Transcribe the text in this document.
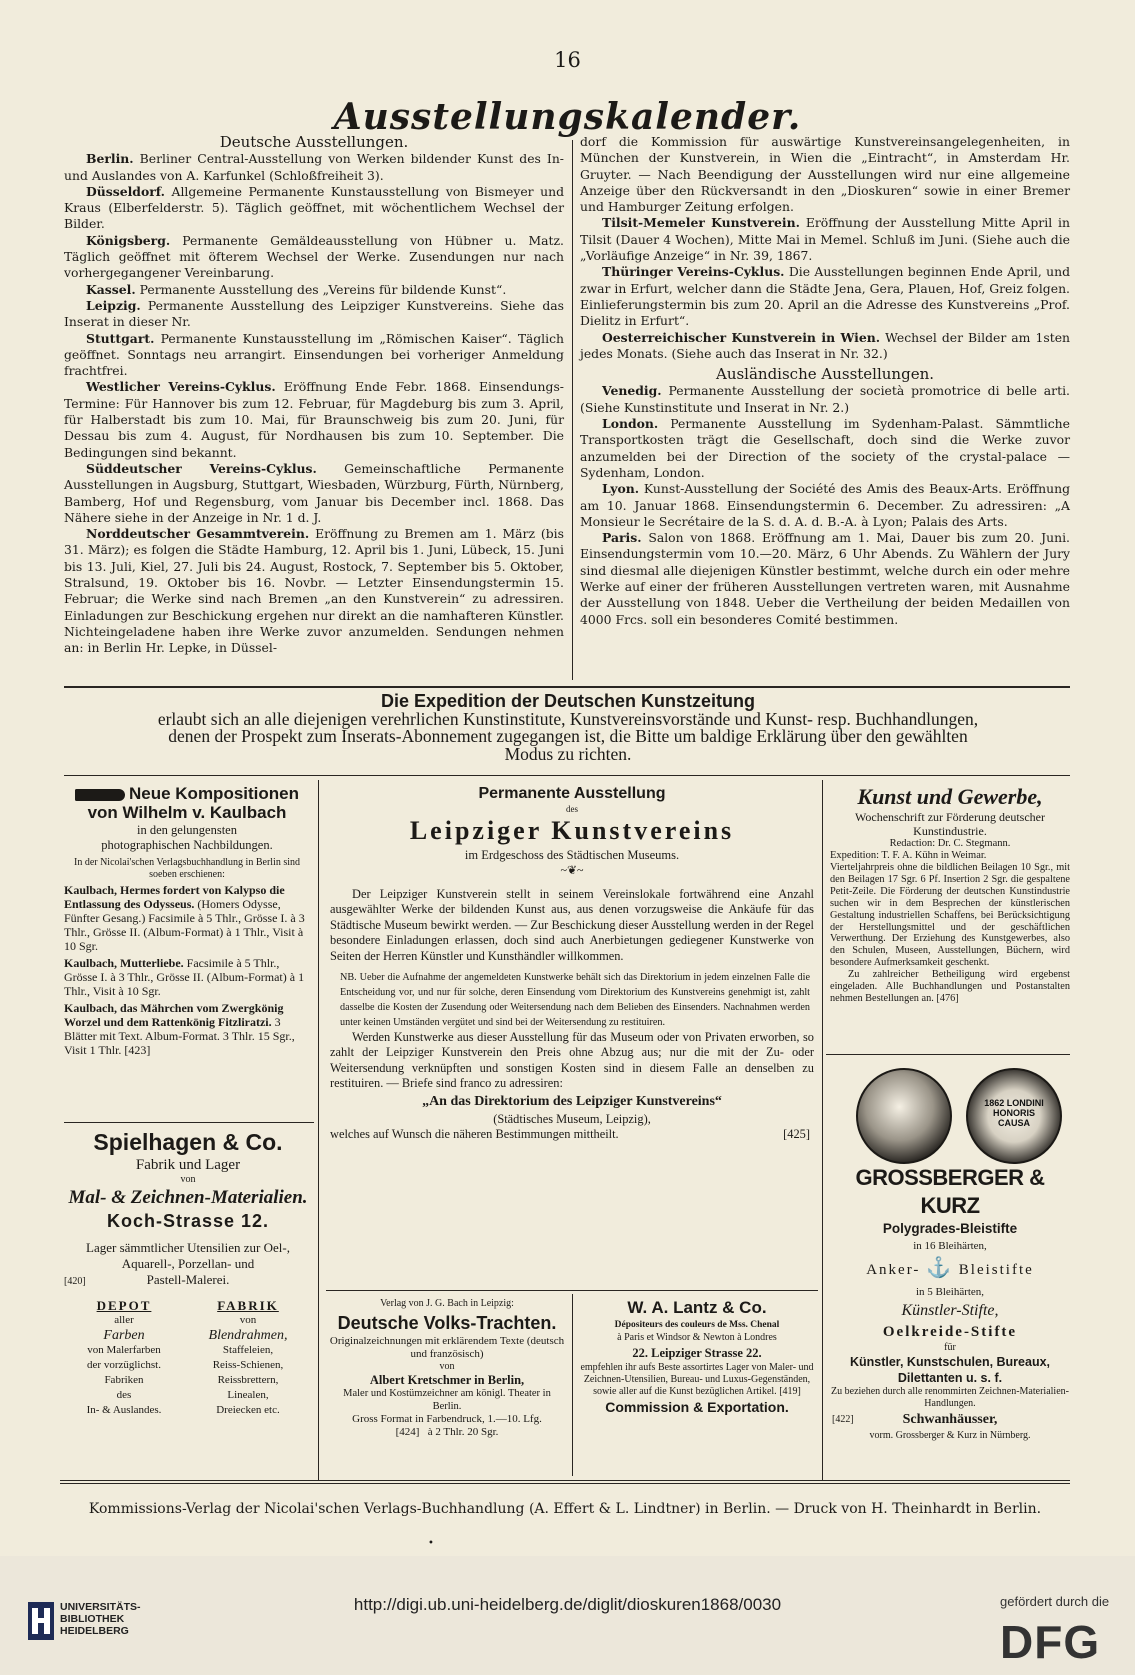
16
Ausstellungskalender.
Deutsche Ausstellungen.

Berlin. Berliner Central-Ausstellung von Werken bildender Kunst des In- und Auslandes von A. Karfunkel (Schloßfreiheit 3).

Düsseldorf. Allgemeine Permanente Kunstausstellung von Bismeyer und Kraus (Elberfelderstr. 5). Täglich geöffnet, mit wöchentlichem Wechsel der Bilder.

Königsberg. Permanente Gemäldeausstellung von Hübner u. Matz. Täglich geöffnet mit öfterem Wechsel der Werke. Zusendungen nur nach vorhergegangener Vereinbarung.

Kassel. Permanente Ausstellung des „Vereins für bildende Kunst“.

Leipzig. Permanente Ausstellung des Leipziger Kunstvereins. Siehe das Inserat in dieser Nr.

Stuttgart. Permanente Kunstausstellung im „Römischen Kaiser“. Täglich geöffnet. Sonntags neu arrangirt. Einsendungen bei vorheriger Anmeldung frachtfrei.

Westlicher Vereins-Cyklus. Eröffnung Ende Febr. 1868. Einsendungs-Termine: Für Hannover bis zum 12. Februar, für Magdeburg bis zum 3. April, für Halberstadt bis zum 10. Mai, für Braunschweig bis zum 20. Juni, für Dessau bis zum 4. August, für Nordhausen bis zum 10. September. Die Bedingungen sind bekannt.

Süddeutscher Vereins-Cyklus. Gemeinschaftliche Permanente Ausstellungen in Augsburg, Stuttgart, Wiesbaden, Würzburg, Fürth, Nürnberg, Bamberg, Hof und Regensburg, vom Januar bis December incl. 1868. Das Nähere siehe in der Anzeige in Nr. 1 d. J.

Norddeutscher Gesammtverein. Eröffnung zu Bremen am 1. März (bis 31. März); es folgen die Städte Hamburg, 12. April bis 1. Juni, Lübeck, 15. Juni bis 13. Juli, Kiel, 27. Juli bis 24. August, Rostock, 7. September bis 5. Oktober, Stralsund, 19. Oktober bis 16. Novbr. — Letzter Einsendungstermin 15. Februar; die Werke sind nach Bremen „an den Kunstverein“ zu adressiren. Einladungen zur Beschickung ergehen nur direkt an die namhafteren Künstler. Nichteingeladene haben ihre Werke zuvor anzumelden. Sendungen nehmen an: in Berlin Hr. Lepke, in Düssel-

dorf die Kommission für auswärtige Kunstvereinsangelegenheiten, in München der Kunstverein, in Wien die „Eintracht“, in Amsterdam Hr. Gruyter. — Nach Beendigung der Ausstellungen wird nur eine allgemeine Anzeige über den Rückversandt in den „Dioskuren“ sowie in einer Bremer und Hamburger Zeitung erfolgen.

Tilsit-Memeler Kunstverein. Eröffnung der Ausstellung Mitte April in Tilsit (Dauer 4 Wochen), Mitte Mai in Memel. Schluß im Juni. (Siehe auch die „Vorläufige Anzeige“ in Nr. 39, 1867.

Thüringer Vereins-Cyklus. Die Ausstellungen beginnen Ende April, und zwar in Erfurt, welcher dann die Städte Jena, Gera, Plauen, Hof, Greiz folgen. Einlieferungstermin bis zum 20. April an die Adresse des Kunstvereins „Prof. Dielitz in Erfurt“.

Oesterreichischer Kunstverein in Wien. Wechsel der Bilder am 1sten jedes Monats. (Siehe auch das Inserat in Nr. 32.)

Ausländische Ausstellungen.

Venedig. Permanente Ausstellung der società promotrice di belle arti. (Siehe Kunstinstitute und Inserat in Nr. 2.)

London. Permanente Ausstellung im Sydenham-Palast. Sämmtliche Transportkosten trägt die Gesellschaft, doch sind die Werke zuvor anzumelden bei der Direction of the society of the crystal-palace — Sydenham, London.

Lyon. Kunst-Ausstellung der Société des Amis des Beaux-Arts. Eröffnung am 10. Januar 1868. Einsendungstermin 6. December. Zu adressiren: „A Monsieur le Secrétaire de la S. d. A. d. B.-A. à Lyon; Palais des Arts.

Paris. Salon von 1868. Eröffnung am 1. Mai, Dauer bis zum 20. Juni. Einsendungstermin vom 10.—20. März, 6 Uhr Abends. Zu Wählern der Jury sind diesmal alle diejenigen Künstler bestimmt, welche durch ein oder mehre Werke auf einer der früheren Ausstellungen vertreten waren, mit Ausnahme der Ausstellung von 1848. Ueber die Vertheilung der beiden Medaillen von 4000 Frcs. soll ein besonderes Comité bestimmen.

Die Expedition der Deutschen Kunstzeitung
erlaubt sich an alle diejenigen verehrlichen Kunstinstitute, Kunstvereinsvorstände und Kunst- resp. Buchhandlungen,
denen der Prospekt zum Inserats-Abonnement zugegangen ist, die Bitte um baldige Erklärung über den gewählten
Modus zu richten.
Neue Kompositionen
von Wilhelm v. Kaulbach
in den gelungensten
photographischen Nachbildungen.
In der Nicolai'schen Verlagsbuchhandlung in Berlin sind soeben erschienen:
Kaulbach, Hermes fordert von Kalypso die Entlassung des Odysseus. (Homers Odysse, Fünfter Gesang.) Facsimile à 5 Thlr., Grösse I. à 3 Thlr., Grösse II. (Album-Format) à 1 Thlr., Visit à 10 Sgr.
Kaulbach, Mutterliebe. Facsimile à 5 Thlr., Grösse I. à 3 Thlr., Grösse II. (Album-Format) à 1 Thlr., Visit à 10 Sgr.
Kaulbach, das Mährchen vom Zwergkönig Worzel und dem Rattenkönig Fitzliratzi. 3 Blätter mit Text. Album-Format. 3 Thlr. 15 Sgr., Visit 1 Thlr. [423]
Spielhagen & Co.
Fabrik und Lager
von
Mal- & Zeichnen-Materialien.
Koch-Strasse 12.
Lager sämmtlicher Utensilien zur Oel-, Aquarell-, Porzellan- und
[420]	Pastell-Malerei.
DEPOT
aller
Farben
von Malerfarben
der vorzüglichst.
Fabriken
des
In- & Auslandes.
FABRIK
von
Blendrahmen,
Staffeleien,
Reiss-Schienen,
Reissbrettern,
Linealen,
Dreiecken etc.
Permanente Ausstellung
des
Leipziger Kunstvereins
im Erdgeschoss des Städtischen Museums.
~❦~
Der Leipziger Kunstverein stellt in seinem Vereinslokale fortwährend eine Anzahl ausgewählter Werke der bildenden Kunst aus, aus denen vorzugsweise die Ankäufe für das Städtische Museum bewirkt werden. — Zur Beschickung dieser Ausstellung werden in der Regel besondere Einladungen erlassen, doch sind auch Anerbietungen gediegener Kunstwerke von Seiten der Herren Künstler und Kunsthändler willkommen.
NB. Ueber die Aufnahme der angemeldeten Kunstwerke behält sich das Direktorium in jedem einzelnen Falle die Entscheidung vor, und nur für solche, deren Einsendung vom Direktorium des Kunstvereins genehmigt ist, zahlt dasselbe die Kosten der Zusendung oder Weitersendung nach dem Belieben des Einsenders. Nachnahmen werden unter keinen Umständen vergütet und sind bei der Weitersendung zu restituiren.
Werden Kunstwerke aus dieser Ausstellung für das Museum oder von Privaten erworben, so zahlt der Leipziger Kunstverein den Preis ohne Abzug aus; nur die mit der Zu- oder Weitersendung verknüpften und sonstigen Kosten sind in diesem Falle an denselben zu restituiren. — Briefe sind franco zu adressiren:
„An das Direktorium des Leipziger Kunstvereins“
(Städtisches Museum, Leipzig),
welches auf Wunsch die näheren Bestimmungen mittheilt.	[425]
Verlag von J. G. Bach in Leipzig:
Deutsche Volks-Trachten.
Originalzeichnungen mit erklärendem Texte (deutsch und französisch)
von
Albert Kretschmer in Berlin,
Maler und Kostümzeichner am königl. Theater in Berlin.
Gross Format in Farbendruck, 1.—10. Lfg.
[424] à 2 Thlr. 20 Sgr.
W. A. Lantz & Co.
Dépositeurs des couleurs de Mss. Chenal
à Paris et Windsor & Newton à Londres
22. Leipziger Strasse 22.
empfehlen ihr aufs Beste assortirtes Lager von Maler- und Zeichnen-Utensilien, Bureau- und Luxus-Gegenständen, sowie aller auf die Kunst bezüglichen Artikel. [419]
Commission & Exportation.
Kunst und Gewerbe,
Wochenschrift zur Förderung deutscher Kunstindustrie.
Redaction: Dr. C. Stegmann.
Expedition: T. F. A. Kühn in Weimar.
Vierteljahrpreis ohne die bildlichen Beilagen 10 Sgr., mit den Beilagen 17 Sgr. 6 Pf. Insertion 2 Sgr. die gespaltene Petit-Zeile. Die Förderung der deutschen Kunstindustrie suchen wir in dem Besprechen der künstlerischen Gestaltung industriellen Schaffens, bei Berücksichtigung der Herstellungsmittel und der geschäftlichen Verwerthung. Der Erziehung des Kunstgewerbes, also den Schulen, Museen, Ausstellungen, Büchern, wird besondere Aufmerksamkeit geschenkt.
Zu zahlreicher Betheiligung wird ergebenst eingeladen. Alle Buchhandlungen und Postanstalten nehmen Bestellungen an. [476]
1862 LONDINI HONORIS CAUSA
GROSSBERGER & KURZ
Polygrades-Bleistifte
in 16 Bleihärten,
Anker- ⚓ Bleistifte
in 5 Bleihärten,
Künstler-Stifte,
Oelkreide-Stifte
für
Künstler, Kunstschulen, Bureaux,
Dilettanten u. s. f.
Zu beziehen durch alle renommirten Zeichnen-Materialien-Handlungen.
[422]	Schwanhäusser,
vorm. Grossberger & Kurz in Nürnberg.
Kommissions-Verlag der Nicolai'schen Verlags-Buchhandlung (A. Effert & L. Lindtner) in Berlin. — Druck von H. Theinhardt in Berlin.
•
UNIVERSITÄTS-
BIBLIOTHEK
HEIDELBERG
http://digi.ub.uni-heidelberg.de/diglit/dioskuren1868/0030	gefördert durch die
DFG
